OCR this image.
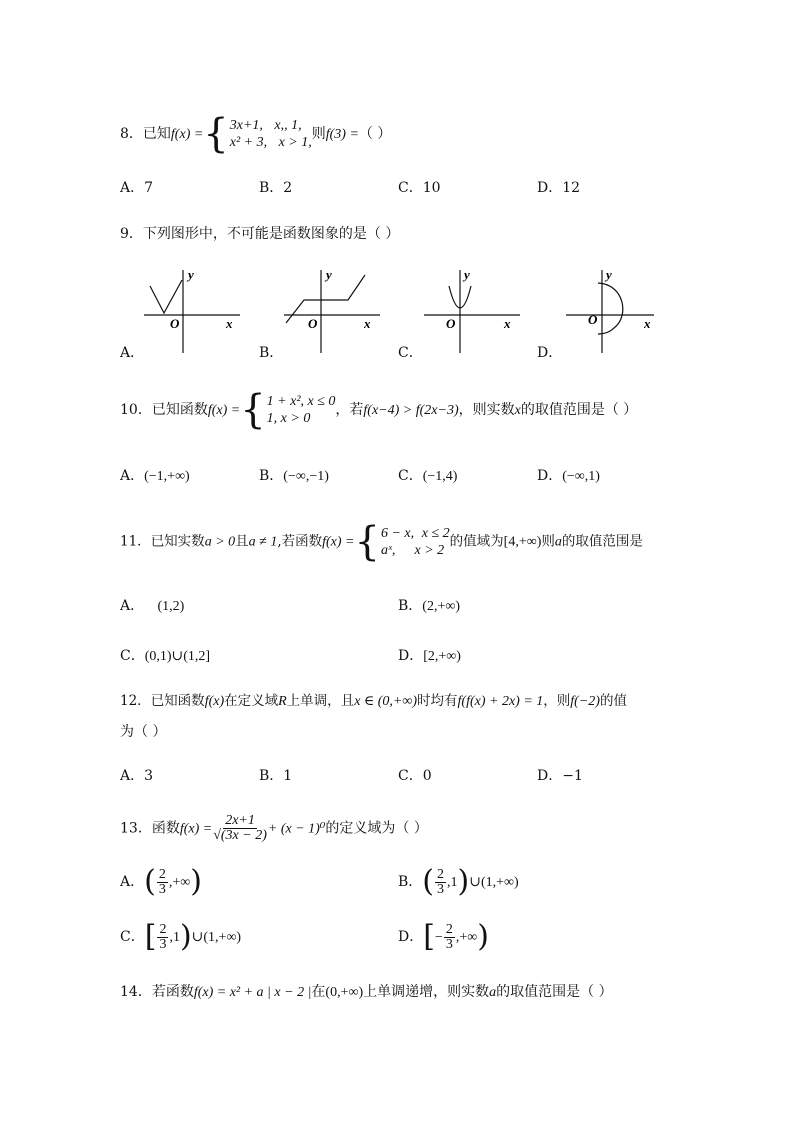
8．已知f(x) = { 3x+1, x,, 1,
x² + 3, x > 1,
则f(3) =（ ）
A．7	B．2	C．10	D．12
9．下列图形中，不可能是函数图象的是（ ）
y
x
O
A．
y
x
O
B．
y
x
O
C．
y
x
O
D．
10．已知函数f(x) = { 1 + x², x ≤ 0
1, x > 0
，若f(x−4) > f(2x−3)，则实数x的取值范围是（ ）
A．(−1,+∞)	B．(−∞,−1)	C．(−1,4)	D．(−∞,1)
11．已知实数a > 0且a ≠ 1,若函数f(x) = { 6 − x, x ≤ 2
aˣ, x > 2
的值域为[4,+∞)则a的取值范围是
A． (1,2)	B．(2,+∞)
C．(0,1)∪(1,2]	D．[2,+∞)
12．已知函数f(x)在定义域R上单调，且x ∈ (0,+∞)时均有f(f(x) + 2x) = 1，则f(−2)的值
为（ ）
A．3	B．1	C．0	D．−1
13．函数$f(x) = \frac{2x+1}{√(3x - 2)} + (x - 1)^0$的定义域为（ ）
A．( $\frac{2}{3}$ ,+∞)	B．( $\frac{2}{3}$ ,1)∪(1,+∞)
C．[ $\frac{2}{3}$ ,1)∪(1,+∞)	D．[− $\frac{2}{3}$ ,+∞)
14．若函数f(x) = x² + a | x − 2 |在(0,+∞)上单调递增，则实数a的取值范围是（ ）
